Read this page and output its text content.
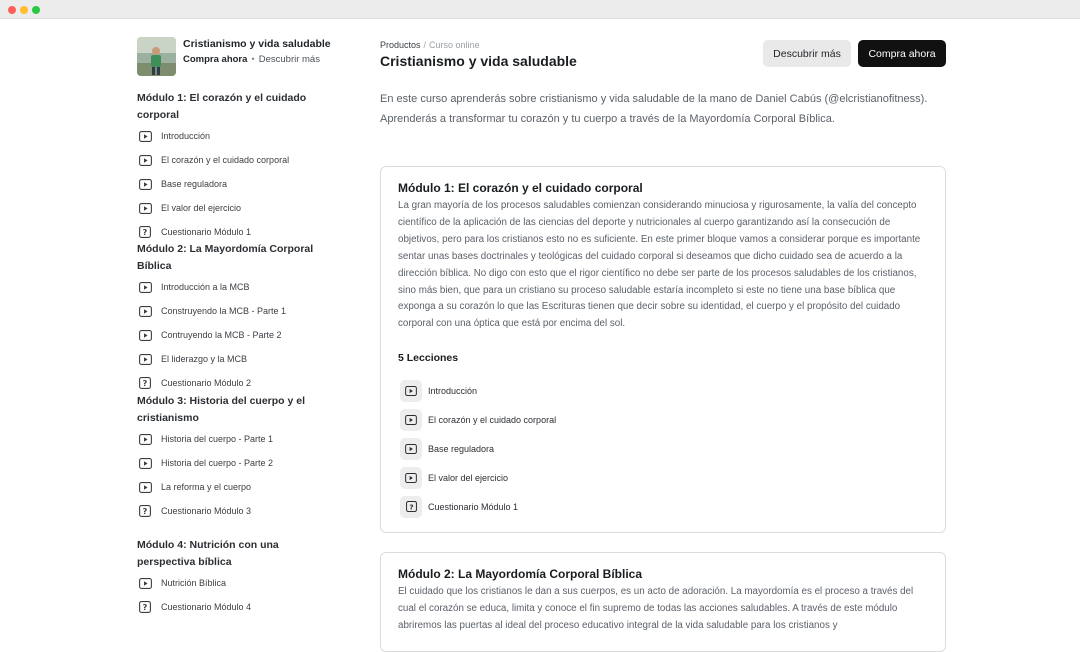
Cristianismo y vida saludable
Compra ahora • Descubrir más
Módulo 1: El corazón y el cuidado corporal
Introducción
El corazón y el cuidado corporal
Base reguladora
El valor del ejercicio
? Cuestionario Módulo 1
Módulo 2: La Mayordomía Corporal Bíblica
Introducción a la MCB
Construyendo la MCB - Parte 1
Contruyendo la MCB - Parte 2
El liderazgo y la MCB
? Cuestionario Módulo 2
Módulo 3: Historia del cuerpo y el cristianismo
Historia del cuerpo - Parte 1
Historia del cuerpo - Parte 2
La reforma y el cuerpo
? Cuestionario Módulo 3
Módulo 4: Nutrición con una perspectiva bíblica
Nutrición Bíblica
? Cuestionario Módulo 4
Productos / Curso online
Cristianismo y vida saludable	Descubrir más	Compra ahora
En este curso aprenderás sobre cristianismo y vida saludable de la mano de Daniel Cabús (@elcristianofitness). Aprenderás a transformar tu corazón y tu cuerpo a través de la Mayordomía Corporal Bíblica.
Módulo 1: El corazón y el cuidado corporal
La gran mayoría de los procesos saludables comienzan considerando minuciosa y rigurosamente, la valía del concepto científico de la aplicación de las ciencias del deporte y nutricionales al cuerpo garantizando así la consecución de objetivos, pero para los cristianos esto no es suficiente. En este primer bloque vamos a considerar porque es importante sentar unas bases doctrinales y teológicas del cuidado corporal si deseamos que dicho cuidado sea de acuerdo a la dirección bíblica. No digo con esto que el rigor científico no debe ser parte de los procesos saludables de los cristianos, sino más bien, que para un cristiano su proceso saludable estaría incompleto si este no tiene una base bíblica que exponga a su corazón lo que las Escrituras tienen que decir sobre su identidad, el cuerpo y el propósito del cuidado corporal con una óptica que está por encima del sol.
5 Lecciones
Introducción
El corazón y el cuidado corporal
Base reguladora
El valor del ejercicio
? Cuestionario Módulo 1
Módulo 2: La Mayordomía Corporal Bíblica
El cuidado que los cristianos le dan a sus cuerpos, es un acto de adoración. La mayordomía es el proceso a través del cual el corazón se educa, limita y conoce el fin supremo de todas las acciones saludables. A través de este módulo abriremos las puertas al ideal del proceso educativo integral de la vida saludable para los cristianos y
